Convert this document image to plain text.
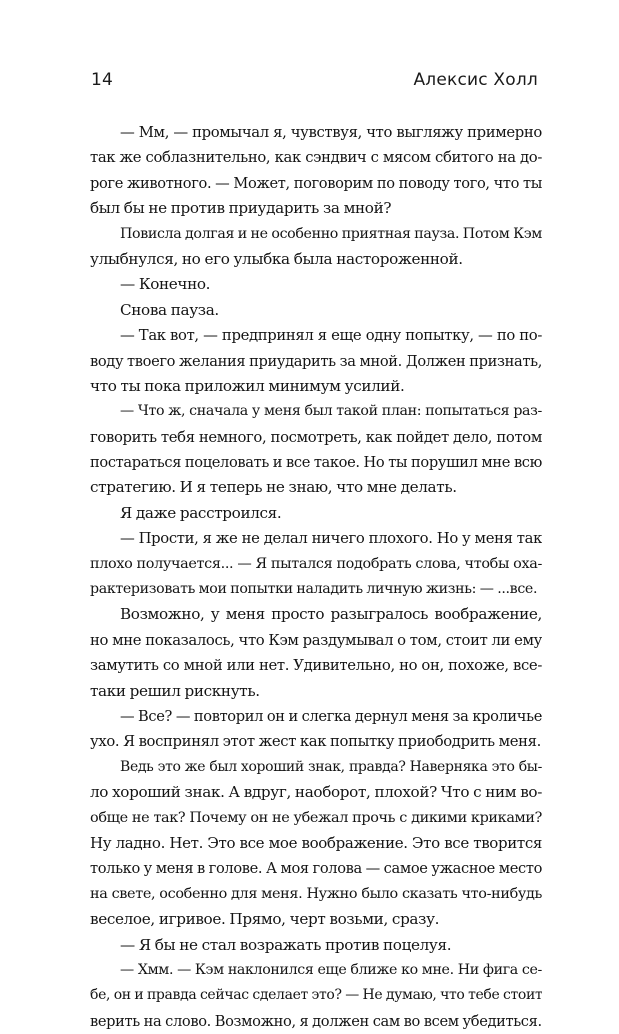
14	Алексис Холл
— Мм, — промычал я, чувствуя, что выгляжу примерно
так же соблазнительно, как сэндвич с мясом сбитого на до-
роге животного. — Может, поговорим по поводу того, что ты
был бы не против приударить за мной?
Повисла долгая и не особенно приятная пауза. Потом Кэм
улыбнулся, но его улыбка была настороженной.
— Конечно.
Снова пауза.
— Так вот, — предпринял я еще одну попытку, — по по-
воду твоего желания приударить за мной. Должен признать,
что ты пока приложил минимум усилий.
— Что ж, сначала у меня был такой план: попытаться раз-
говорить тебя немного, посмотреть, как пойдет дело, потом
постараться поцеловать и все такое. Но ты порушил мне всю
стратегию. И я теперь не знаю, что мне делать.
Я даже расстроился.
— Прости, я же не делал ничего плохого. Но у меня так
плохо получается... — Я пытался подобрать слова, чтобы оха-
рактеризовать мои попытки наладить личную жизнь: — ...все.
Возможно, у меня просто разыгралось воображение,
но мне показалось, что Кэм раздумывал о том, стоит ли ему
замутить со мной или нет. Удивительно, но он, похоже, все-
таки решил рискнуть.
— Все? — повторил он и слегка дернул меня за кроличье
ухо. Я воспринял этот жест как попытку приободрить меня.
Ведь это же был хороший знак, правда? Наверняка это бы-
ло хороший знак. А вдруг, наоборот, плохой? Что с ним во-
обще не так? Почему он не убежал прочь с дикими криками?
Ну ладно. Нет. Это все мое воображение. Это все творится
только у меня в голове. А моя голова — самое ужасное место
на свете, особенно для меня. Нужно было сказать что-нибудь
веселое, игривое. Прямо, черт возьми, сразу.
— Я бы не стал возражать против поцелуя.
— Хмм. — Кэм наклонился еще ближе ко мне. Ни фига се-
бе, он и правда сейчас сделает это? — Не думаю, что тебе стоит
верить на слово. Возможно, я должен сам во всем убедиться.
